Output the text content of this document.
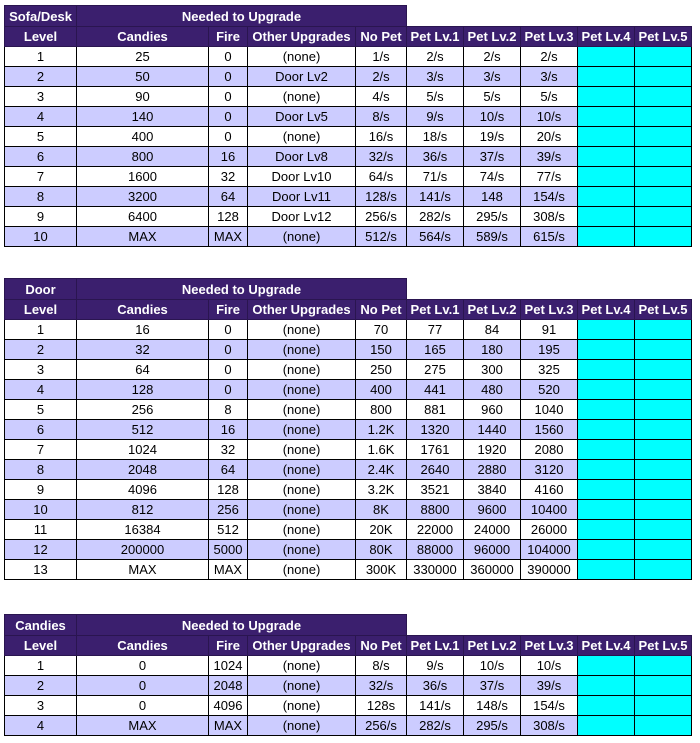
Sofa/Desk	Needed to Upgrade								
Level	Candies	Fire	Other Upgrades	No Pet	Pet Lv.1	Pet Lv.2	Pet Lv.3	Pet Lv.4	Pet Lv.5
1	25	0	(none)	1/s	2/s	2/s	2/s		
2	50	0	Door Lv2	2/s	3/s	3/s	3/s		
3	90	0	(none)	4/s	5/s	5/s	5/s		
4	140	0	Door Lv5	8/s	9/s	10/s	10/s		
5	400	0	(none)	16/s	18/s	19/s	20/s		
6	800	16	Door Lv8	32/s	36/s	37/s	39/s		
7	1600	32	Door Lv10	64/s	71/s	74/s	77/s		
8	3200	64	Door Lv11	128/s	141/s	148	154/s		
9	6400	128	Door Lv12	256/s	282/s	295/s	308/s		
10	MAX	MAX	(none)	512/s	564/s	589/s	615/s		
Door	Needed to Upgrade								
Level	Candies	Fire	Other Upgrades	No Pet	Pet Lv.1	Pet Lv.2	Pet Lv.3	Pet Lv.4	Pet Lv.5
1	16	0	(none)	70	77	84	91		
2	32	0	(none)	150	165	180	195		
3	64	0	(none)	250	275	300	325		
4	128	0	(none)	400	441	480	520		
5	256	8	(none)	800	881	960	1040		
6	512	16	(none)	1.2K	1320	1440	1560		
7	1024	32	(none)	1.6K	1761	1920	2080		
8	2048	64	(none)	2.4K	2640	2880	3120		
9	4096	128	(none)	3.2K	3521	3840	4160		
10	812	256	(none)	8K	8800	9600	10400		
11	16384	512	(none)	20K	22000	24000	26000		
12	200000	5000	(none)	80K	88000	96000	104000		
13	MAX	MAX	(none)	300K	330000	360000	390000		
Candies	Needed to Upgrade								
Level	Candies	Fire	Other Upgrades	No Pet	Pet Lv.1	Pet Lv.2	Pet Lv.3	Pet Lv.4	Pet Lv.5
1	0	1024	(none)	8/s	9/s	10/s	10/s		
2	0	2048	(none)	32/s	36/s	37/s	39/s		
3	0	4096	(none)	128s	141/s	148/s	154/s		
4	MAX	MAX	(none)	256/s	282/s	295/s	308/s		
